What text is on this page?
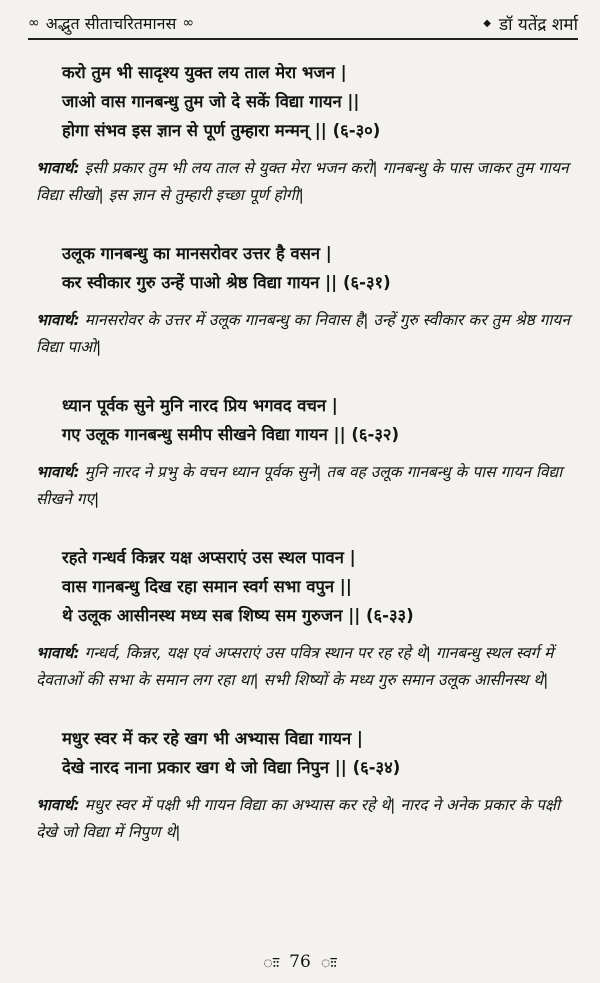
∞ अद्भुत सीताचरितमानस ∞	◆ डॉ यतेंद्र शर्मा
करो तुम भी सादृश्य युक्त लय ताल मेरा भजन |
जाओ वास गानबन्धु तुम जो दे सकें विद्या गायन ||
होगा संभव इस ज्ञान से पूर्ण तुम्हारा मन्मन् || (६-३०)
भावार्थ: इसी प्रकार तुम भी लय ताल से युक्त मेरा भजन करो| गानबन्धु के पास जाकर तुम गायन विद्या सीखो| इस ज्ञान से तुम्हारी इच्छा पूर्ण होगी|
उलूक गानबन्धु का मानसरोवर उत्तर है वसन |
कर स्वीकार गुरु उन्हें पाओ श्रेष्ठ विद्या गायन || (६-३१)
भावार्थ: मानसरोवर के उत्तर में उलूक गानबन्धु का निवास है| उन्हें गुरु स्वीकार कर तुम श्रेष्ठ गायन विद्या पाओ|
ध्यान पूर्वक सुने मुनि नारद प्रिय भगवद वचन |
गए उलूक गानबन्धु समीप सीखने विद्या गायन || (६-३२)
भावार्थ: मुनि नारद ने प्रभु के वचन ध्यान पूर्वक सुने| तब वह उलूक गानबन्धु के पास गायन विद्या सीखने गए|
रहते गन्धर्व किन्नर यक्ष अप्सराएं उस स्थल पावन |
वास गानबन्धु दिख रहा समान स्वर्ग सभा वपुन ||
थे उलूक आसीनस्थ मध्य सब शिष्य सम गुरुजन || (६-३३)
भावार्थ: गन्धर्व, किन्नर, यक्ष एवं अप्सराएं उस पवित्र स्थान पर रह रहे थे| गानबन्धु स्थल स्वर्ग में देवताओं की सभा के समान लग रहा था| सभी शिष्यों के मध्य गुरु समान उलूक आसीनस्थ थे|
मधुर स्वर में कर रहे खग भी अभ्यास विद्या गायन |
देखे नारद नाना प्रकार खग थे जो विद्या निपुन || (६-३४)
भावार्थ: मधुर स्वर में पक्षी भी गायन विद्या का अभ्यास कर रहे थे| नारद ने अनेक प्रकार के पक्षी देखे जो विद्या में निपुण थे|
ःः 76 ःः
